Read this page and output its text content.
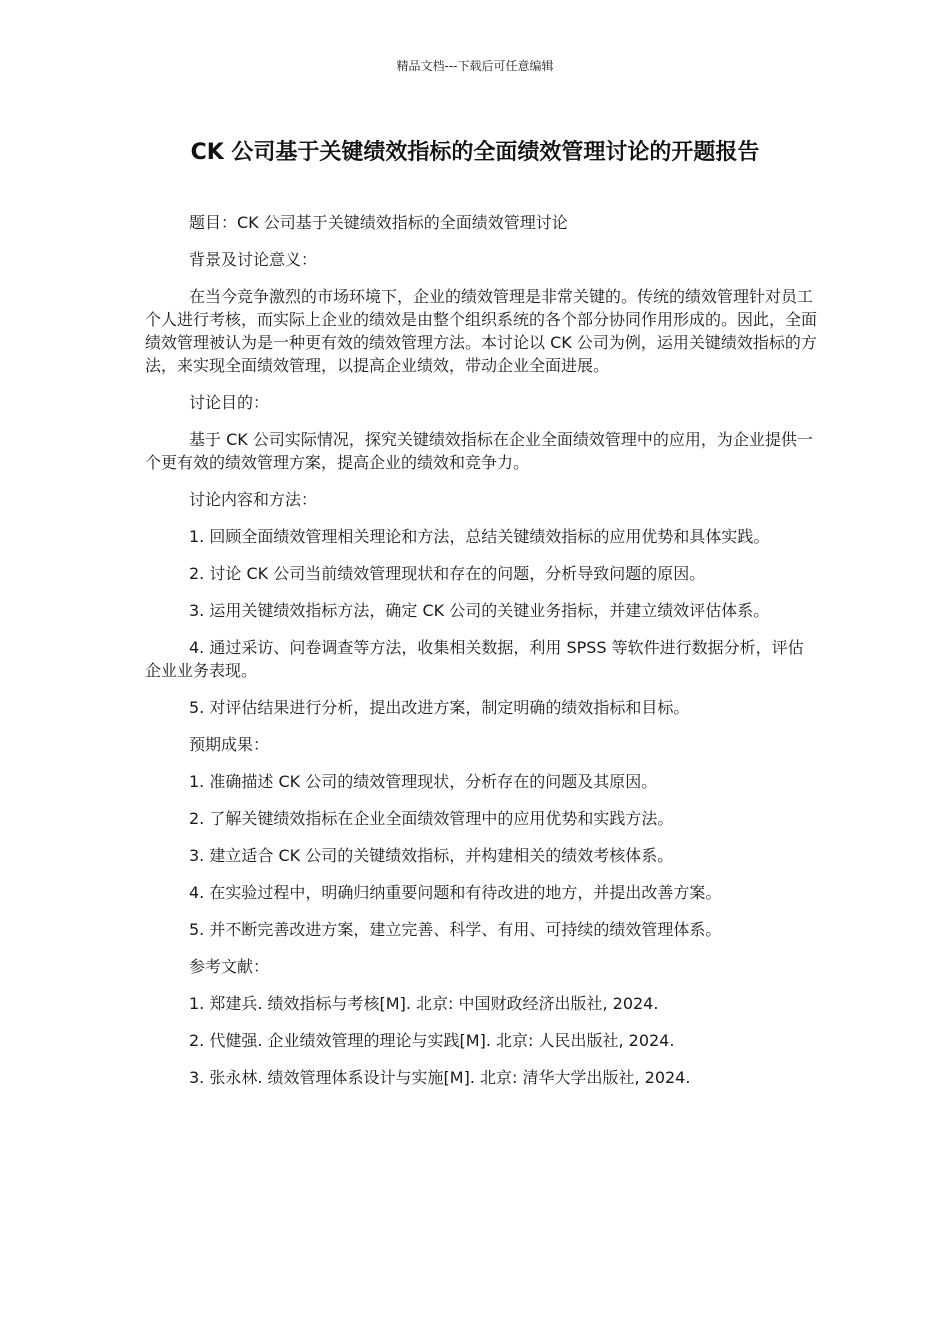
精品文档---下载后可任意编辑
CK 公司基于关键绩效指标的全面绩效管理讨论的开题报告

题目：CK 公司基于关键绩效指标的全面绩效管理讨论

背景及讨论意义：

在当今竞争激烈的市场环境下，企业的绩效管理是非常关键的。传统的绩效管理针对员工个人进行考核，而实际上企业的绩效是由整个组织系统的各个部分协同作用形成的。因此，全面绩效管理被认为是一种更有效的绩效管理方法。本讨论以 CK 公司为例，运用关键绩效指标的方法，来实现全面绩效管理，以提高企业绩效，带动企业全面进展。

讨论目的：

基于 CK 公司实际情况，探究关键绩效指标在企业全面绩效管理中的应用，为企业提供一个更有效的绩效管理方案，提高企业的绩效和竞争力。

讨论内容和方法：

1. 回顾全面绩效管理相关理论和方法，总结关键绩效指标的应用优势和具体实践。

2. 讨论 CK 公司当前绩效管理现状和存在的问题，分析导致问题的原因。

3. 运用关键绩效指标方法，确定 CK 公司的关键业务指标，并建立绩效评估体系。

4. 通过采访、问卷调查等方法，收集相关数据，利用 SPSS 等软件进行数据分析，评估企业业务表现。

5. 对评估结果进行分析，提出改进方案，制定明确的绩效指标和目标。

预期成果：

1. 准确描述 CK 公司的绩效管理现状，分析存在的问题及其原因。

2. 了解关键绩效指标在企业全面绩效管理中的应用优势和实践方法。

3. 建立适合 CK 公司的关键绩效指标，并构建相关的绩效考核体系。

4. 在实验过程中，明确归纳重要问题和有待改进的地方，并提出改善方案。

5. 并不断完善改进方案，建立完善、科学、有用、可持续的绩效管理体系。

参考文献：

1. 郑建兵. 绩效指标与考核[M]. 北京: 中国财政经济出版社, 2024.

2. 代健强. 企业绩效管理的理论与实践[M]. 北京: 人民出版社, 2024.

3. 张永林. 绩效管理体系设计与实施[M]. 北京: 清华大学出版社, 2024.
